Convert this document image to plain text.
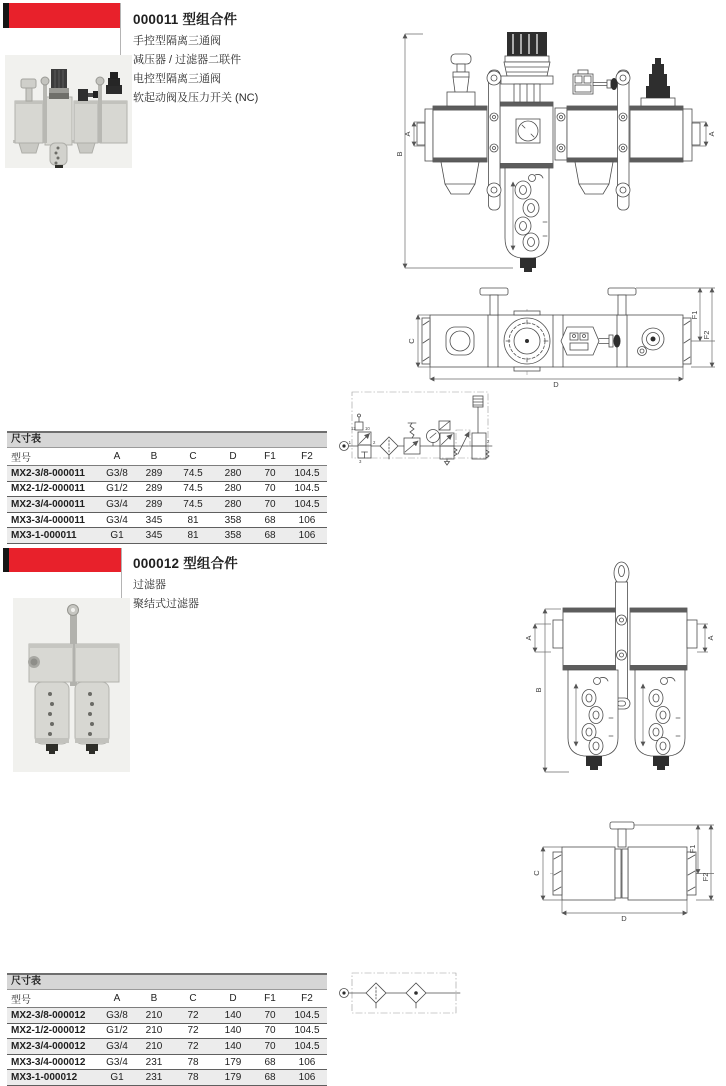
000011 型组合件
手控型隔离三通阀
减压器 / 过滤器二联件
电控型隔离三通阀
软起动阀及压力开关 (NC)
B
A	A
C
D
F1
F2
1	2
3
12 10
2
尺寸表
型号	A	B	C	D	F1	F2
MX2-3/8-000011	G3/8	289	74.5	280	70	104.5
MX2-1/2-000011	G1/2	289	74.5	280	70	104.5
MX2-3/4-000011	G3/4	289	74.5	280	70	104.5
MX3-3/4-000011	G3/4	345	81	358	68	106
MX3-1-000011	G1	345	81	358	68	106
000012 型组合件
过滤器
聚结式过滤器
B
A	A
C
D
F1
F2
尺寸表
型号	A	B	C	D	F1	F2
MX2-3/8-000012	G3/8	210	72	140	70	104.5
MX2-1/2-000012	G1/2	210	72	140	70	104.5
MX2-3/4-000012	G3/4	210	72	140	70	104.5
MX3-3/4-000012	G3/4	231	78	179	68	106
MX3-1-000012	G1	231	78	179	68	106
